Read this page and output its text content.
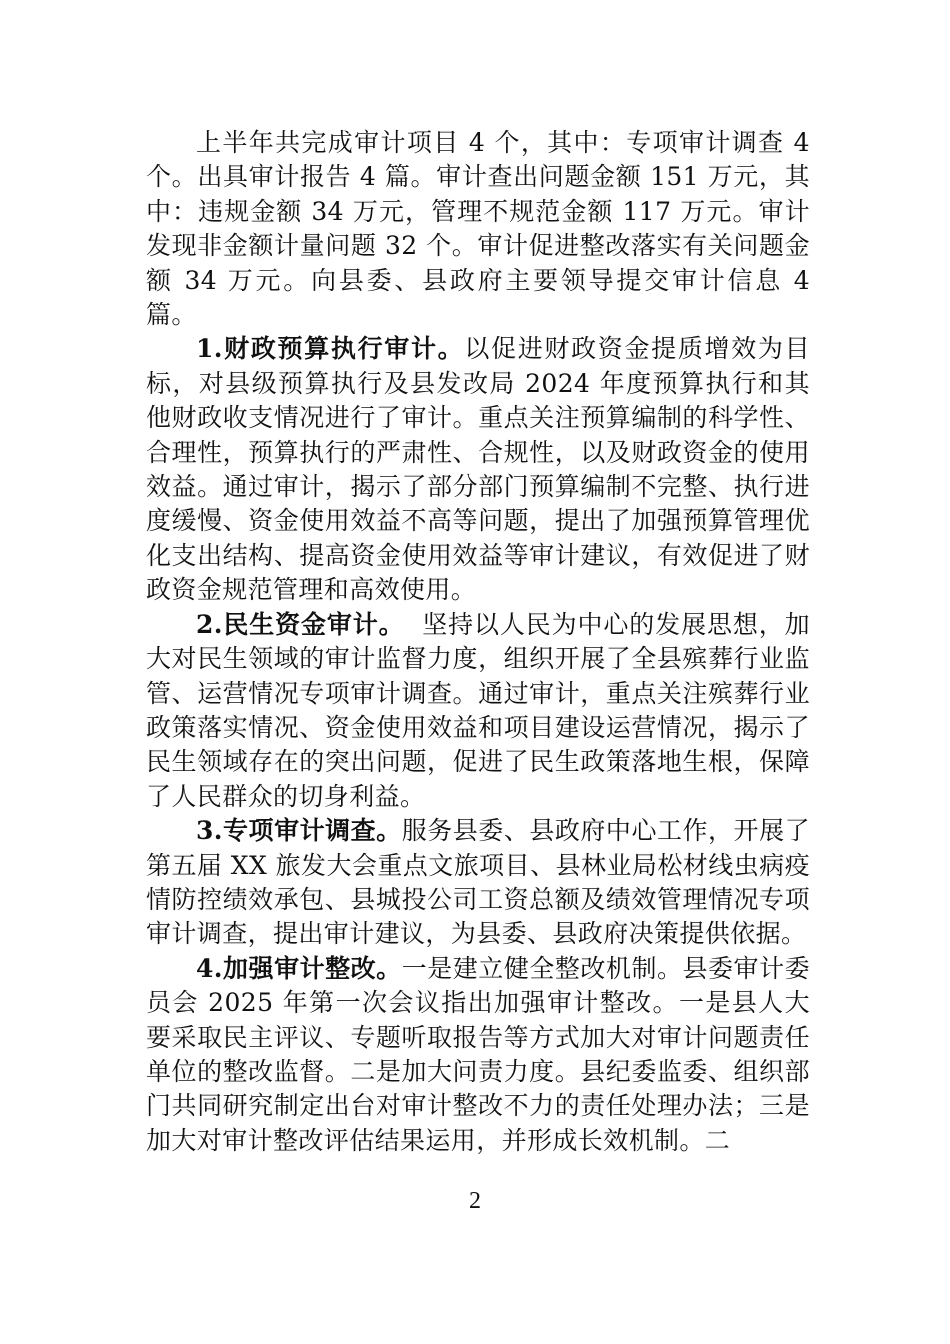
上半年共完成审计项目 4 个，其中：专项审计调查 4 个。出具审计报告 4 篇。审计查出问题金额 151 万元，其中：违规金额 34 万元，管理不规范金额 117 万元。审计发现非金额计量问题 32 个。审计促进整改落实有关问题金额 34 万元。向县委、县政府主要领导提交审计信息 4 篇。

1.财政预算执行审计。以促进财政资金提质增效为目标，对县级预算执行及县发改局 2024 年度预算执行和其他财政收支情况进行了审计。重点关注预算编制的科学性、合理性，预算执行的严肃性、合规性，以及财政资金的使用效益。通过审计，揭示了部分部门预算编制不完整、执行进度缓慢、资金使用效益不高等问题，提出了加强预算管理优化支出结构、提高资金使用效益等审计建议，有效促进了财政资金规范管理和高效使用。

2.民生资金审计。  坚持以人民为中心的发展思想，加大对民生领域的审计监督力度，组织开展了全县殡葬行业监管、运营情况专项审计调查。通过审计，重点关注殡葬行业政策落实情况、资金使用效益和项目建设运营情况，揭示了民生领域存在的突出问题，促进了民生政策落地生根，保障了人民群众的切身利益。

3.专项审计调查。服务县委、县政府中心工作，开展了第五届 XX 旅发大会重点文旅项目、县林业局松材线虫病疫情防控绩效承包、县城投公司工资总额及绩效管理情况专项审计调查，提出审计建议，为县委、县政府决策提供依据。

4.加强审计整改。一是建立健全整改机制。县委审计委员会 2025 年第一次会议指出加强审计整改。一是县人大要采取民主评议、专题听取报告等方式加大对审计问题责任单位的整改监督。二是加大问责力度。县纪委监委、组织部门共同研究制定出台对审计整改不力的责任处理办法；三是加大对审计整改评估结果运用，并形成长效机制。二

2
